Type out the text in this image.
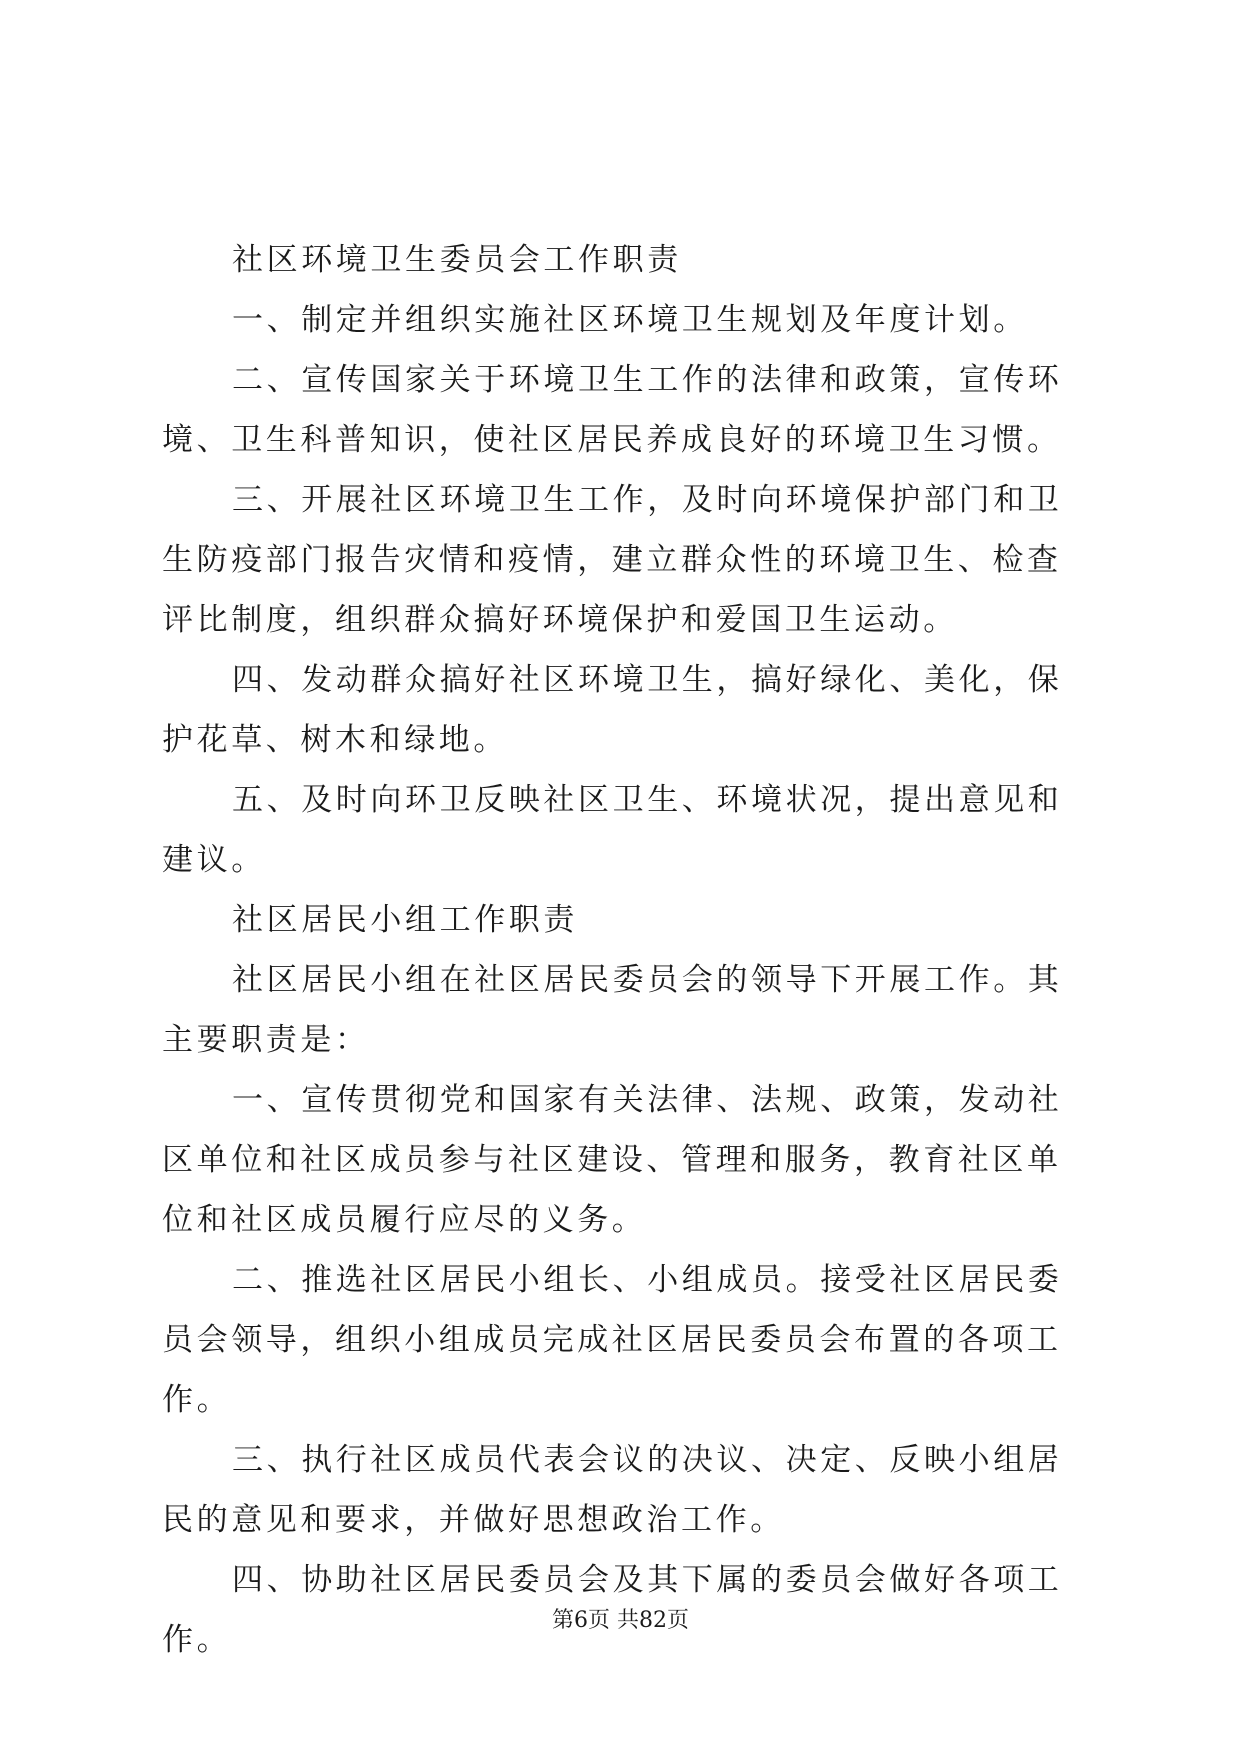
社区环境卫生委员会工作职责

一、制定并组织实施社区环境卫生规划及年度计划。

二、宣传国家关于环境卫生工作的法律和政策，宣传环境、卫生科普知识，使社区居民养成良好的环境卫生习惯。

三、开展社区环境卫生工作，及时向环境保护部门和卫生防疫部门报告灾情和疫情，建立群众性的环境卫生、检查评比制度，组织群众搞好环境保护和爱国卫生运动。

四、发动群众搞好社区环境卫生，搞好绿化、美化，保护花草、树木和绿地。

五、及时向环卫反映社区卫生、环境状况，提出意见和建议。

社区居民小组工作职责

社区居民小组在社区居民委员会的领导下开展工作。其主要职责是：

一、宣传贯彻党和国家有关法律、法规、政策，发动社区单位和社区成员参与社区建设、管理和服务，教育社区单位和社区成员履行应尽的义务。

二、推选社区居民小组长、小组成员。接受社区居民委员会领导，组织小组成员完成社区居民委员会布置的各项工作。

三、执行社区成员代表会议的决议、决定、反映小组居民的意见和要求，并做好思想政治工作。

四、协助社区居民委员会及其下属的委员会做好各项工作。

第6页 共82页
